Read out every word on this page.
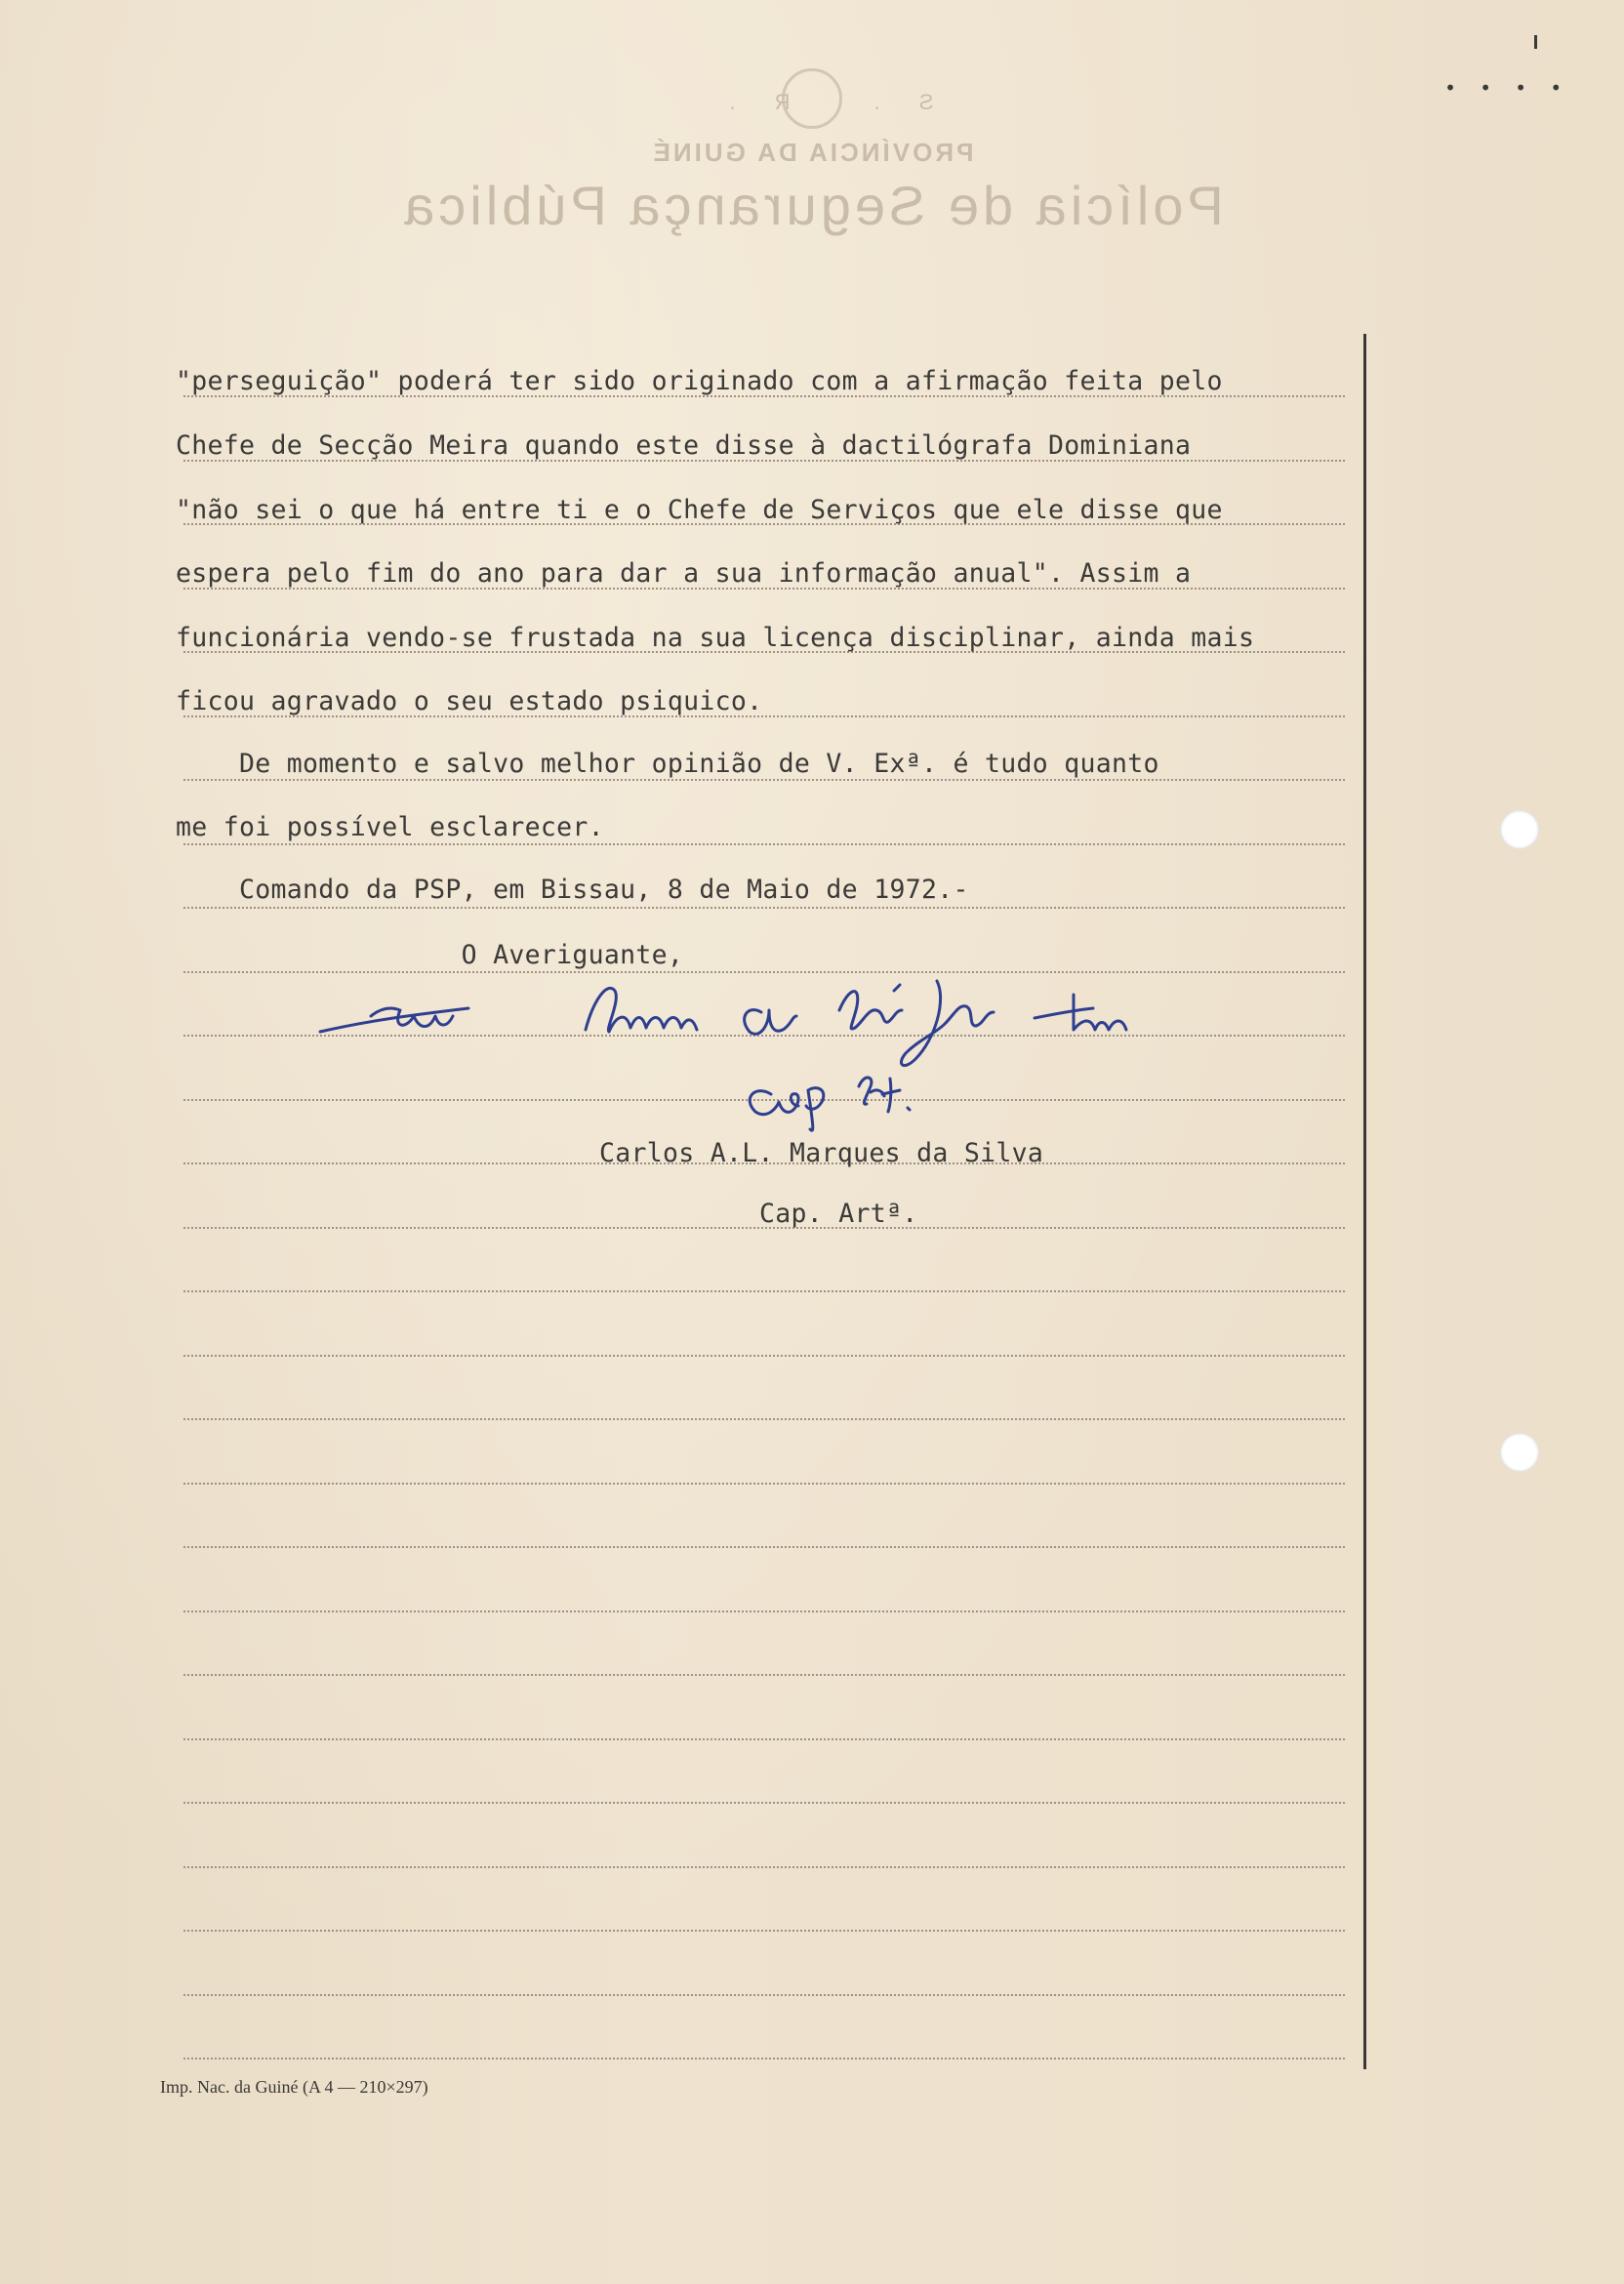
S. R.
PROVÍNCIA DA GUINÉ
Polícia de Segurança Pública
• • • •
"perseguição" poderá ter sido originado com a afirmação feita pelo
Chefe de Secção Meira quando este disse à dactilógrafa Dominiana
"não sei o que há entre ti e o Chefe de Serviços que ele disse que
espera pelo fim do ano para dar a sua informação anual". Assim a
funcionária vendo-se frustada na sua licença disciplinar, ainda mais
ficou agravado o seu estado psiquico.
De momento e salvo melhor opinião de V. Exª. é tudo quanto
me foi possível esclarecer.
Comando da PSP, em Bissau, 8 de Maio de 1972.-
O Averiguante,
Carlos A.L. Marques da Silva
Cap. Artª.
Imp. Nac. da Guiné (A 4 — 210×297)
